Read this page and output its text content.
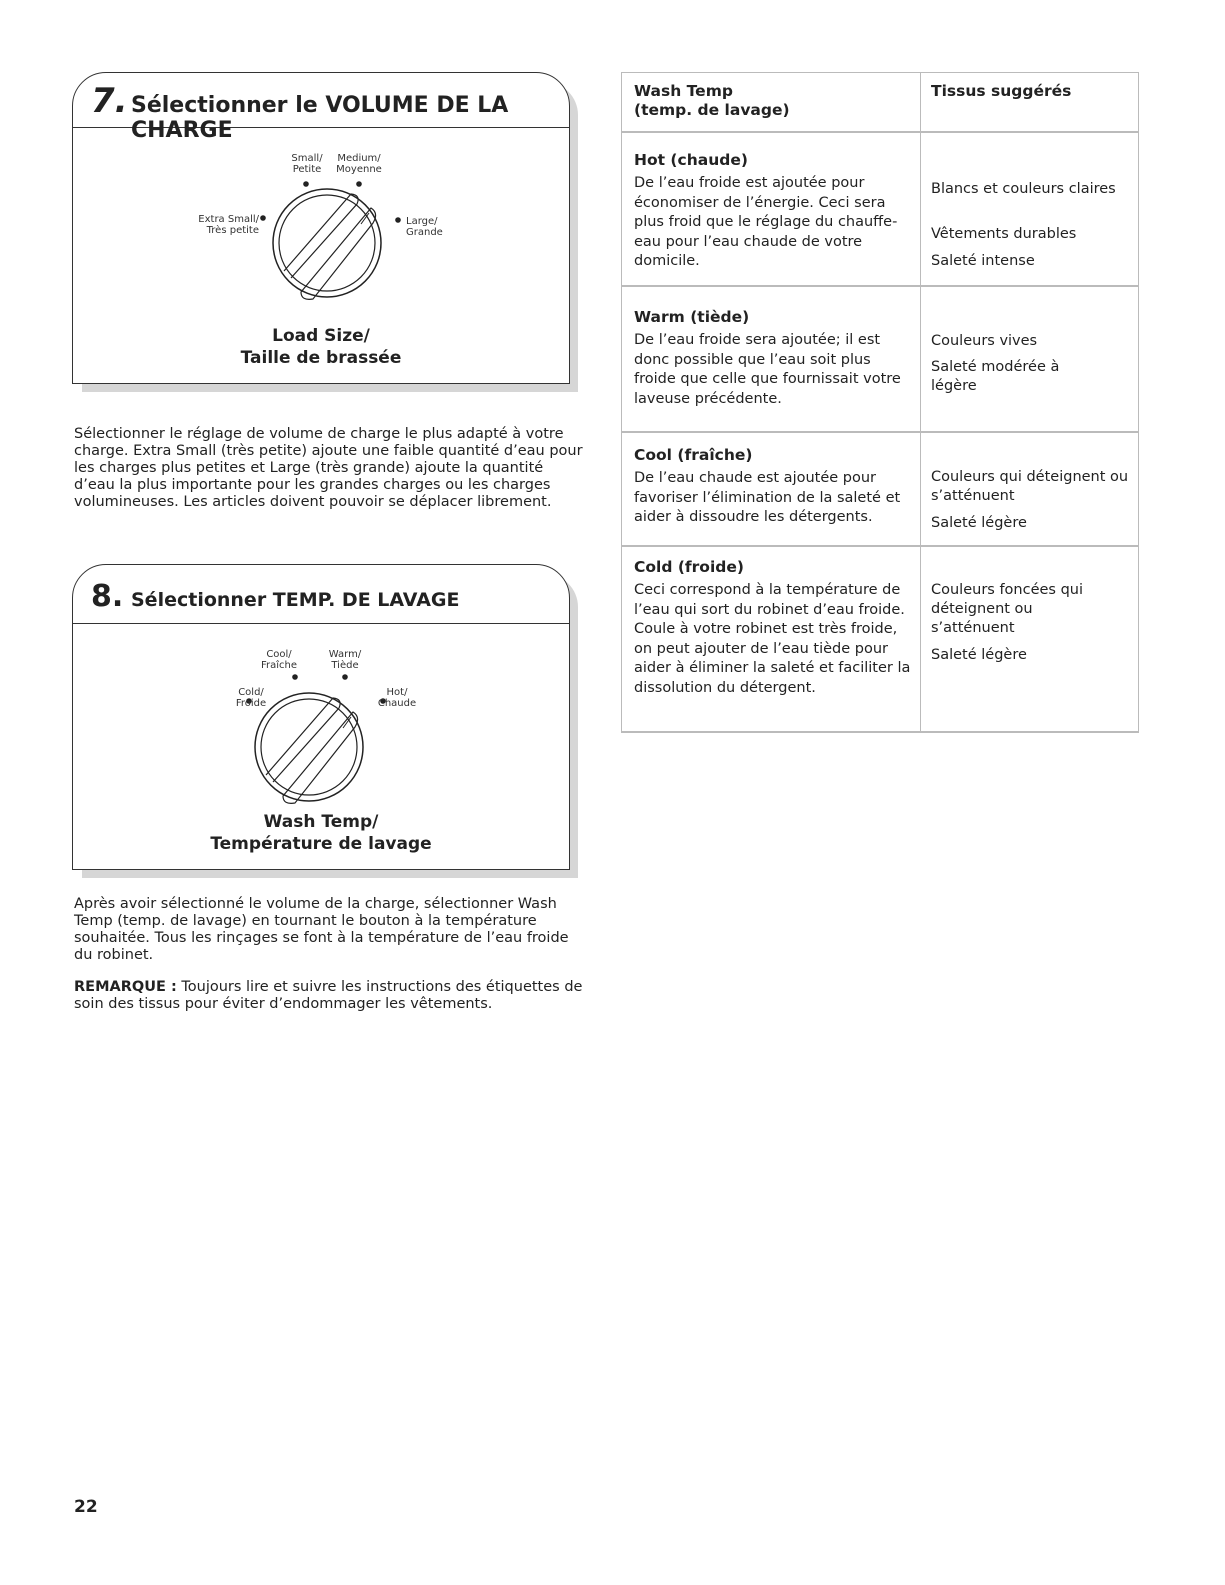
7. Sélectionner le VOLUME DE LA CHARGE
Small/
Petite
Medium/
Moyenne
Extra Small/
Très petite
Large/
Grande
Load Size/
Taille de brassée
Sélectionner le réglage de volume de charge le plus adapté à votre charge. Extra Small (très petite) ajoute une faible quantité d’eau pour les charges plus petites et Large (très grande) ajoute la quantité d’eau la plus importante pour les grandes charges ou les charges volumineuses. Les articles doivent pouvoir se déplacer librement.
8. Sélectionner TEMP. DE LAVAGE
Cool/
Fraîche
Warm/
Tiède
Cold/
Froide
Hot/
Chaude
Wash Temp/
Température de lavage
Après avoir sélectionné le volume de la charge, sélectionner Wash Temp (temp. de lavage) en tournant le bouton à la température souhaitée. Tous les rinçages se font à la température de l’eau froide du robinet.
REMARQUE : Toujours lire et suivre les instructions des étiquettes de soin des tissus pour éviter d’endommager les vêtements.
Wash Temp
(temp. de lavage)
Tissus suggérés
Hot (chaude)
De l’eau froide est ajoutée pour économiser de l’énergie. Ceci sera plus froid que le réglage du chauffe-eau pour l’eau chaude de votre domicile.
Blancs et couleurs claires
Vêtements durables
Saleté intense
Warm (tiède)
De l’eau froide sera ajoutée; il est donc possible que l’eau soit plus froide que celle que fournissait votre laveuse précédente.
Couleurs vives
Saleté modérée à légère
Cool (fraîche)
De l’eau chaude est ajoutée pour favoriser l’élimination de la saleté et aider à dissoudre les détergents.
Couleurs qui déteignent ou s’atténuent
Saleté légère
Cold (froide)
Ceci correspond à la température de l’eau qui sort du robinet d’eau froide. Coule à votre robinet est très froide, on peut ajouter de l’eau tiède pour aider à éliminer la saleté et faciliter la dissolution du détergent.
Couleurs foncées qui déteignent ou s’atténuent
Saleté légère
22
